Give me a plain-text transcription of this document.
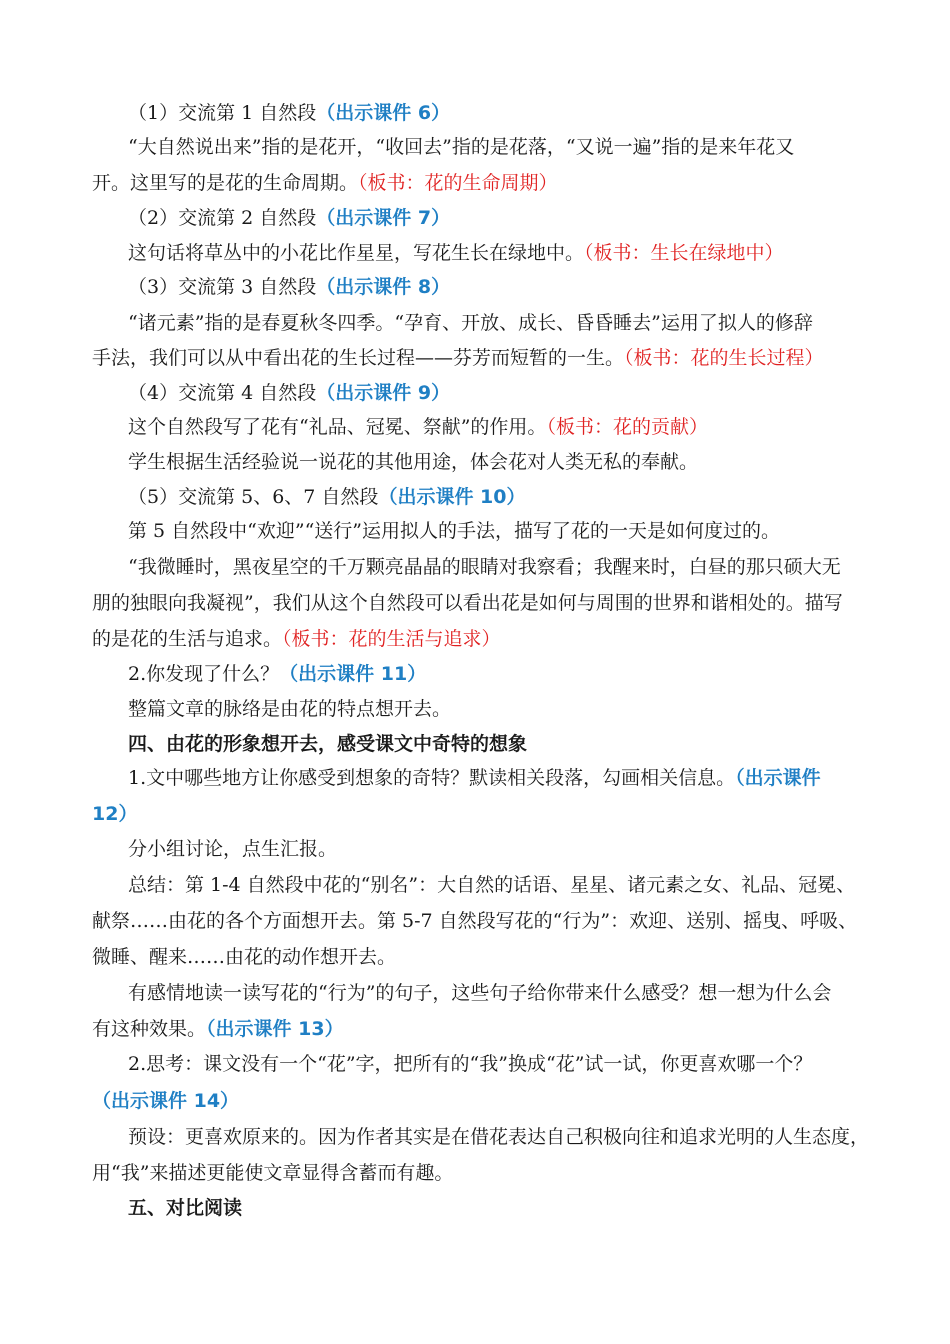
（1）交流第 1 自然段（出示课件 6）
“大自然说出来”指的是花开，“收回去”指的是花落，“又说一遍”指的是来年花又
开。这里写的是花的生命周期。（板书：花的生命周期）
（2）交流第 2 自然段（出示课件 7）
这句话将草丛中的小花比作星星，写花生长在绿地中。（板书：生长在绿地中）
（3）交流第 3 自然段（出示课件 8）
“诸元素”指的是春夏秋冬四季。“孕育、开放、成长、昏昏睡去”运用了拟人的修辞
手法，我们可以从中看出花的生长过程——芬芳而短暂的一生。（板书：花的生长过程）
（4）交流第 4 自然段（出示课件 9）
这个自然段写了花有“礼品、冠冕、祭献”的作用。（板书：花的贡献）
学生根据生活经验说一说花的其他用途，体会花对人类无私的奉献。
（5）交流第 5、6、7 自然段（出示课件 10）
第 5 自然段中“欢迎”“送行”运用拟人的手法，描写了花的一天是如何度过的。
“我微睡时，黑夜星空的千万颗亮晶晶的眼睛对我察看；我醒来时，白昼的那只硕大无
朋的独眼向我凝视”，我们从这个自然段可以看出花是如何与周围的世界和谐相处的。描写
的是花的生活与追求。（板书：花的生活与追求）
2.你发现了什么？（出示课件 11）
整篇文章的脉络是由花的特点想开去。
四、由花的形象想开去，感受课文中奇特的想象
1.文中哪些地方让你感受到想象的奇特？默读相关段落，勾画相关信息。（出示课件
12）
分小组讨论，点生汇报。
总结：第 1-4 自然段中花的“别名”：大自然的话语、星星、诸元素之女、礼品、冠冕、
献祭……由花的各个方面想开去。第 5-7 自然段写花的“行为”：欢迎、送别、摇曳、呼吸、
微睡、醒来……由花的动作想开去。
有感情地读一读写花的“行为”的句子，这些句子给你带来什么感受？想一想为什么会
有这种效果。（出示课件 13）
2.思考：课文没有一个“花”字，把所有的“我”换成“花”试一试，你更喜欢哪一个？
（出示课件 14）
预设：更喜欢原来的。因为作者其实是在借花表达自己积极向往和追求光明的人生态度，
用“我”来描述更能使文章显得含蓄而有趣。
五、对比阅读
